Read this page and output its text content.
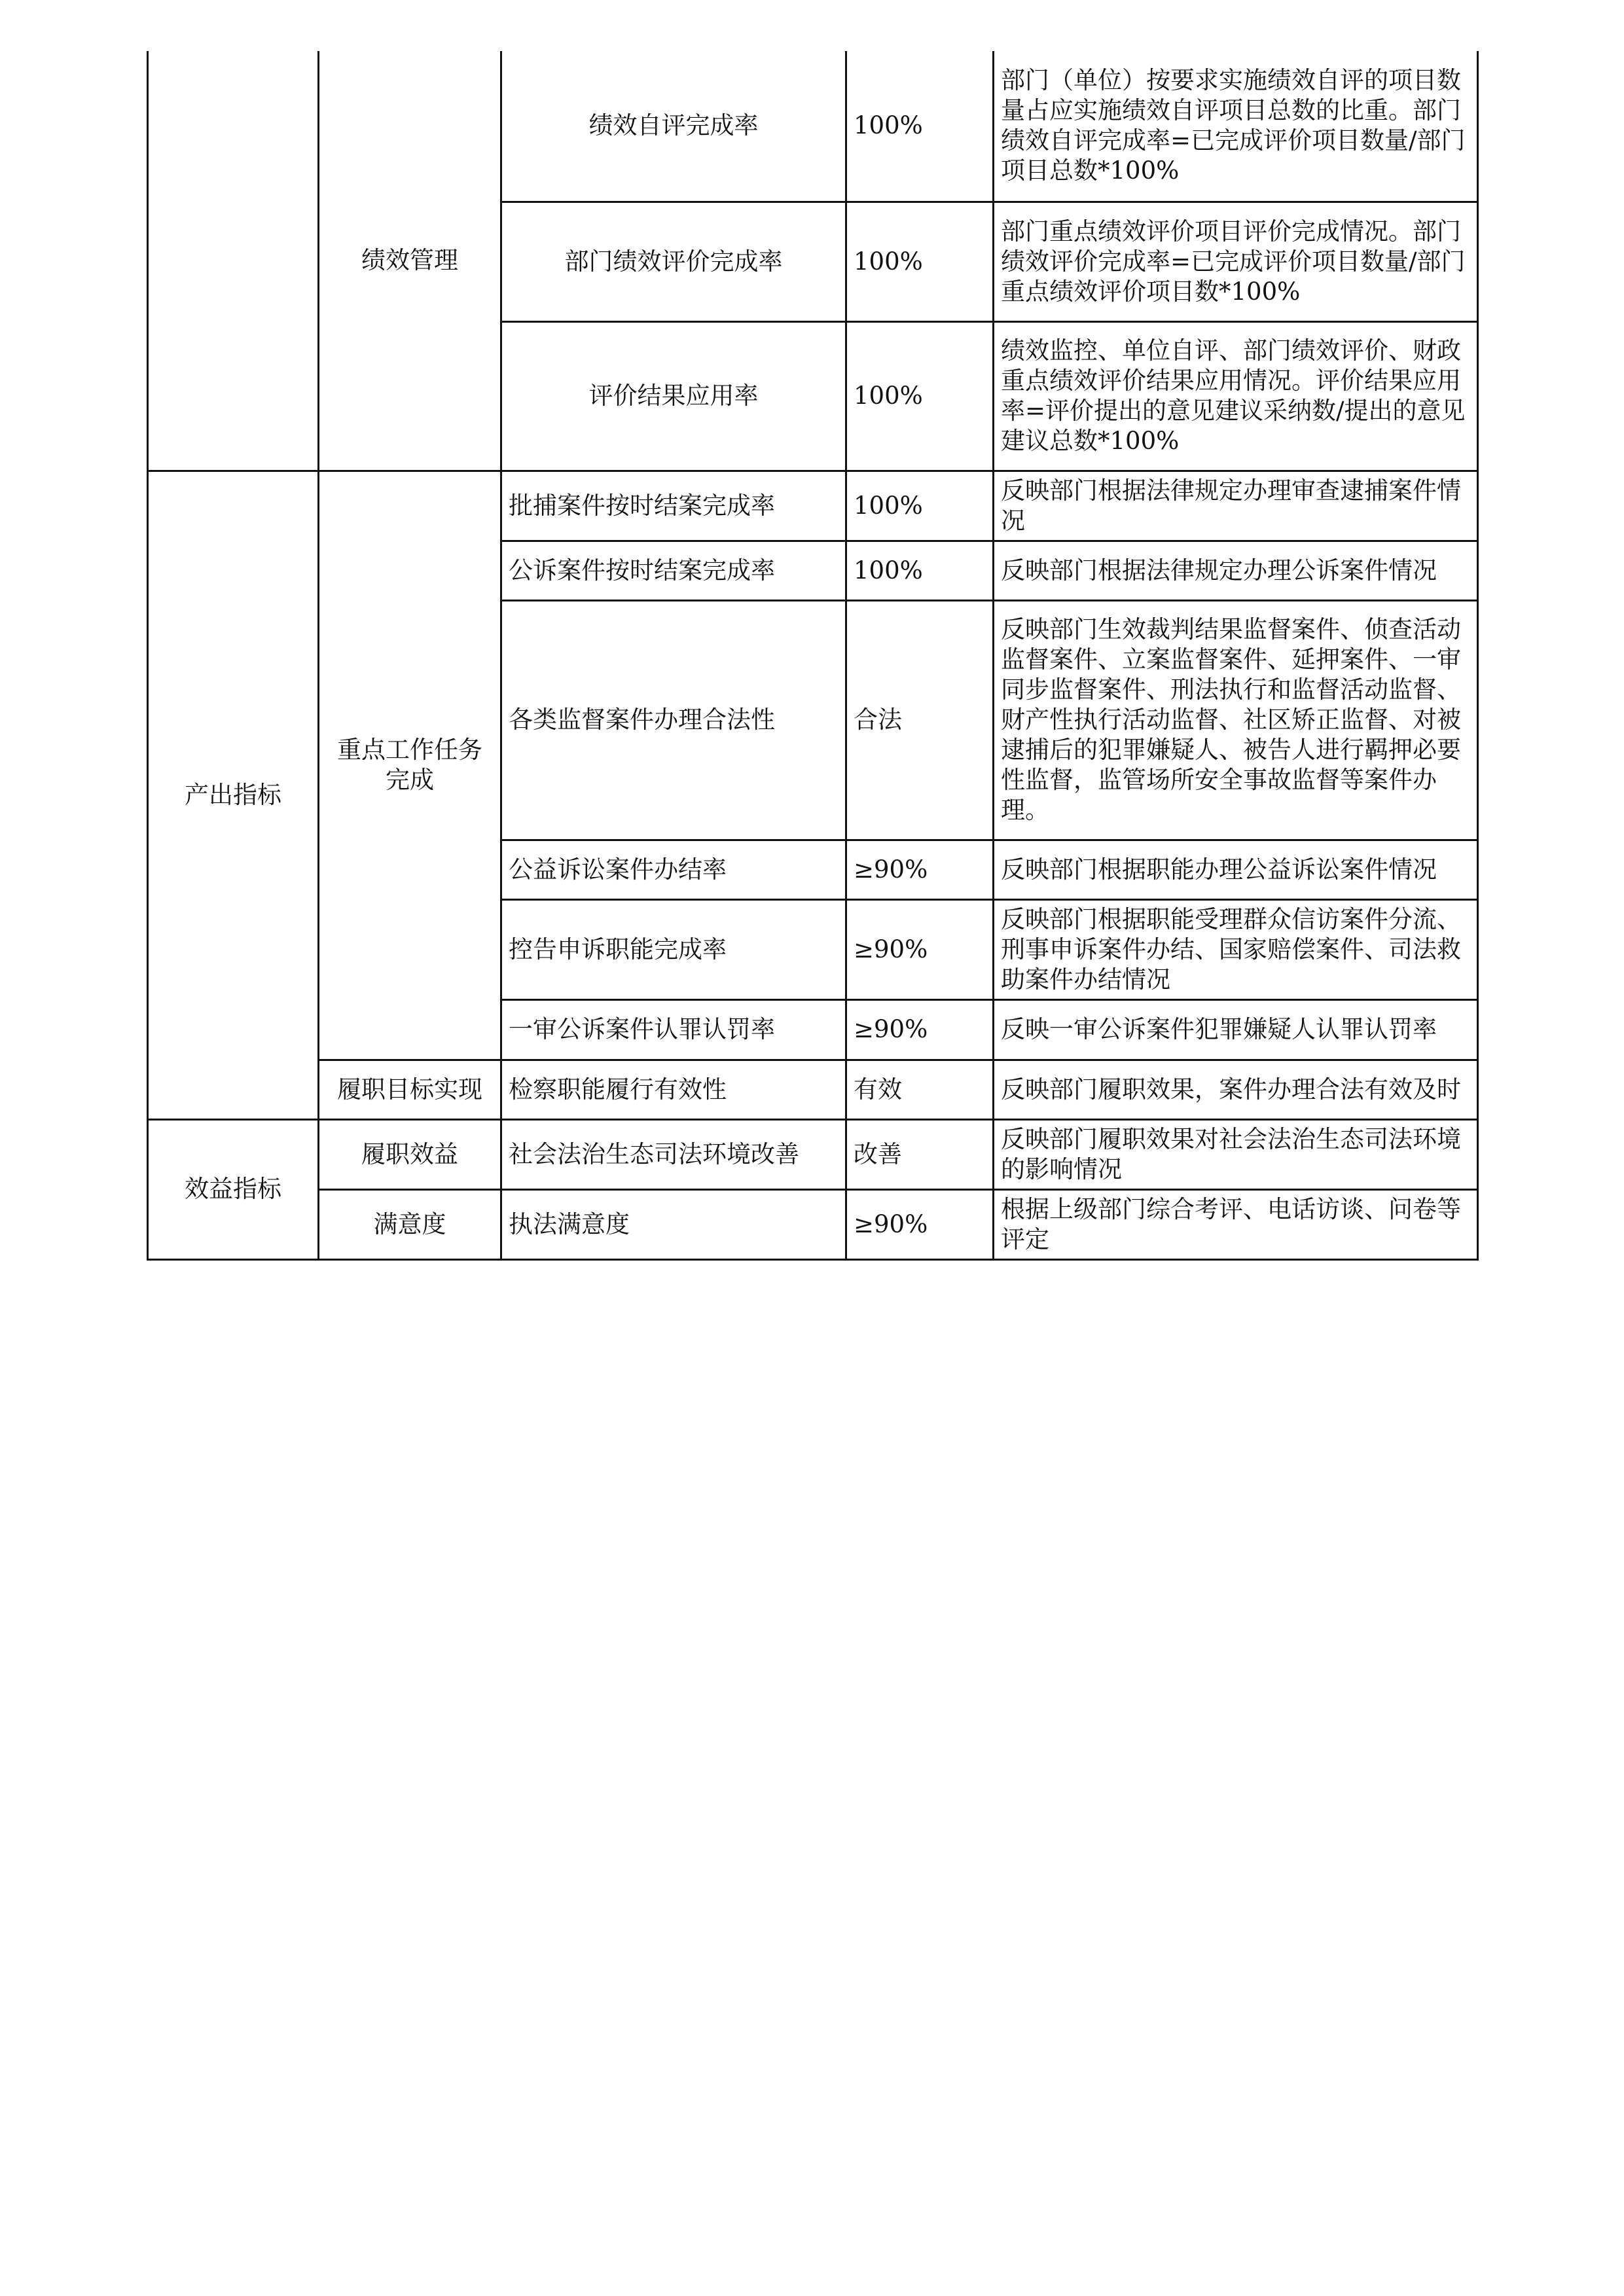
	绩效管理	绩效自评完成率	100%	部门（单位）按要求实施绩效自评的项目数量占应实施绩效自评项目总数的比重。部门绩效自评完成率=已完成评价项目数量/部门项目总数*100%
		部门绩效评价完成率	100%	部门重点绩效评价项目评价完成情况。部门绩效评价完成率=已完成评价项目数量/部门重点绩效评价项目数*100%
		评价结果应用率	100%	绩效监控、单位自评、部门绩效评价、财政重点绩效评价结果应用情况。评价结果应用率=评价提出的意见建议采纳数/提出的意见建议总数*100%
产出指标	重点工作任务完成	批捕案件按时结案完成率	100%	反映部门根据法律规定办理审查逮捕案件情况
		公诉案件按时结案完成率	100%	反映部门根据法律规定办理公诉案件情况
		各类监督案件办理合法性	合法	反映部门生效裁判结果监督案件、侦查活动监督案件、立案监督案件、延押案件、一审同步监督案件、刑法执行和监督活动监督、财产性执行活动监督、社区矫正监督、对被逮捕后的犯罪嫌疑人、被告人进行羁押必要性监督，监管场所安全事故监督等案件办理。
		公益诉讼案件办结率	≥90%	反映部门根据职能办理公益诉讼案件情况
		控告申诉职能完成率	≥90%	反映部门根据职能受理群众信访案件分流、刑事申诉案件办结、国家赔偿案件、司法救助案件办结情况
		一审公诉案件认罪认罚率	≥90%	反映一审公诉案件犯罪嫌疑人认罪认罚率
	履职目标实现	检察职能履行有效性	有效	反映部门履职效果，案件办理合法有效及时
效益指标	履职效益	社会法治生态司法环境改善	改善	反映部门履职效果对社会法治生态司法环境的影响情况
	满意度	执法满意度	≥90%	根据上级部门综合考评、电话访谈、问卷等评定
